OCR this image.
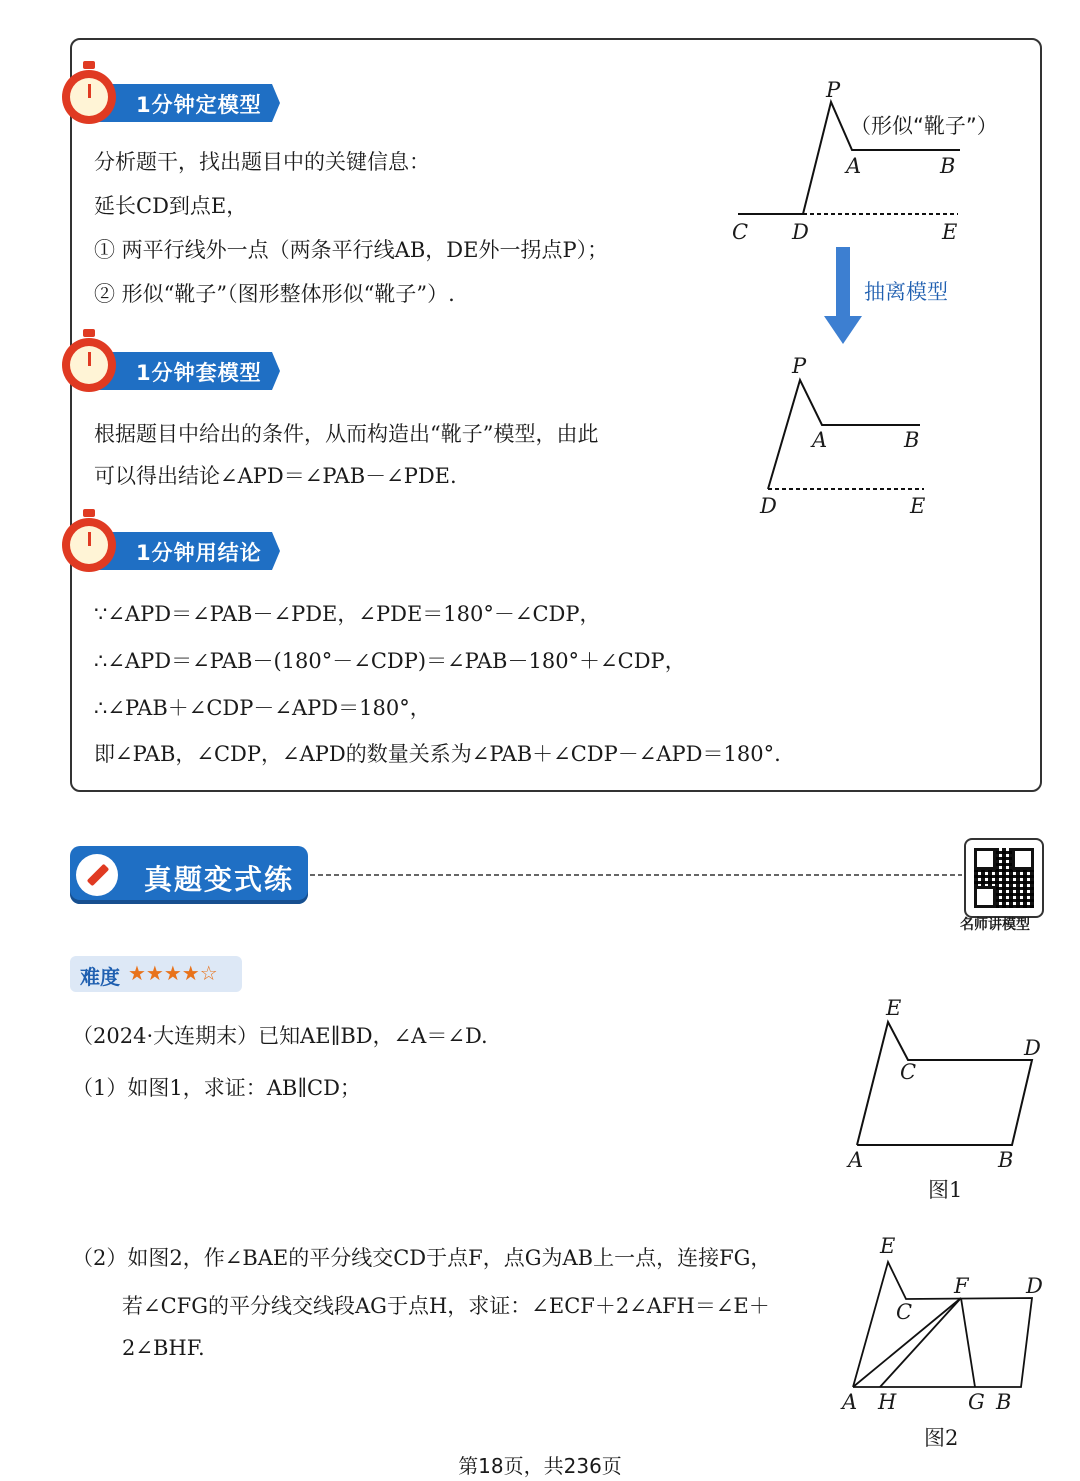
1分钟定模型
分析题干，找出题目中的关键信息：
延长CD到点E，
① 两平行线外一点（两条平行线AB，DE外一拐点P）；
② 形似“靴子”（图形整体形似“靴子”）.
1分钟套模型
根据题目中给出的条件，从而构造出“靴子”模型，由此
可以得出结论∠APD＝∠PAB－∠PDE.
1分钟用结论
∵∠APD＝∠PAB－∠PDE，∠PDE＝180°－∠CDP，
∴∠APD＝∠PAB－(180°－∠CDP)＝∠PAB－180°＋∠CDP，
∴∠PAB＋∠CDP－∠APD＝180°，
即∠PAB，∠CDP，∠APD的数量关系为∠PAB＋∠CDP－∠APD＝180°.
P
（形似“靴子”）
A	B
C D	E
抽离模型
P
A	B
D	E
真题变式练
名师讲模型
难度 ★★★★☆
（2024·大连期末）已知AE∥BD，∠A＝∠D.
（1）如图1，求证：AB∥CD；
（2）如图2，作∠BAE的平分线交CD于点F，点G为AB上一点，连接FG，
若∠CFG的平分线交线段AG于点H，求证：∠ECF＋2∠AFH＝∠E＋
2∠BHF.
E
C
D
A	B
图1
E
C
F	D
A H	G B
图2
第18页，共236页
